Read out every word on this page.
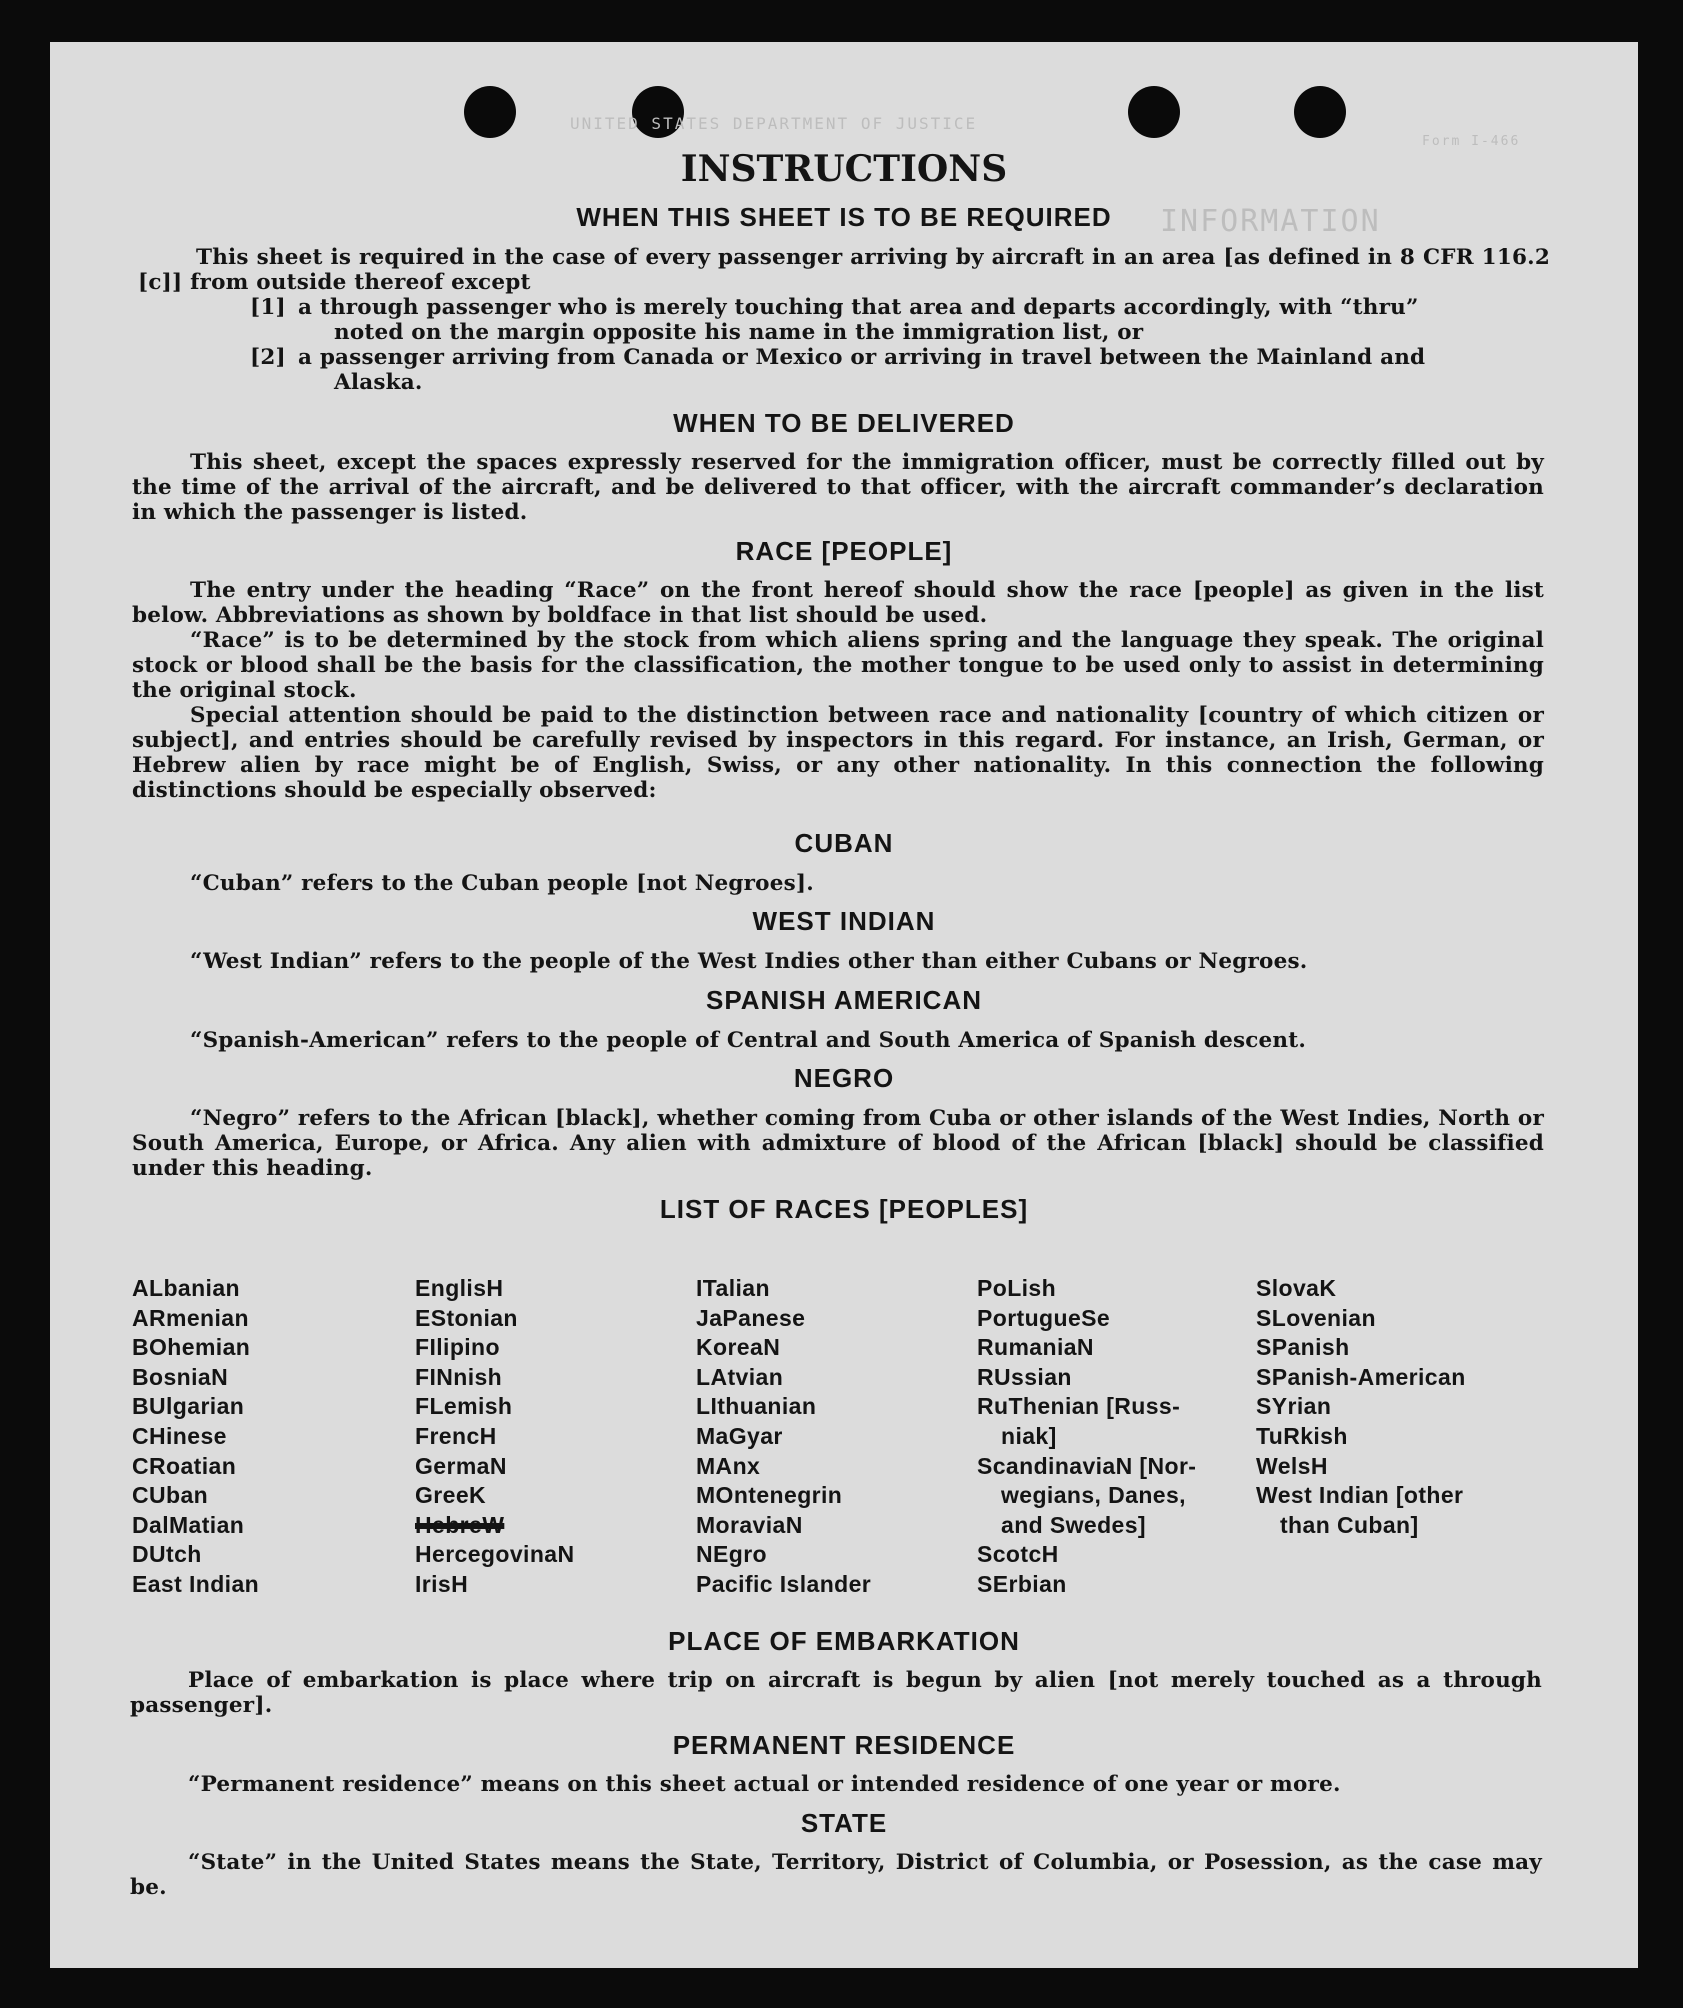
UNITED STATES DEPARTMENT OF JUSTICE
INFORMATION
Form I-466
INSTRUCTIONS
WHEN THIS SHEET IS TO BE REQUIRED

This sheet is required in the case of every passenger arriving by aircraft in an area [as defined in 8 CFR 116.2 [c]] from outside thereof except

[1] a through passenger who is merely touching that area and departs accordingly, with “thru”
noted on the margin opposite his name in the immigration list, or
[2] a passenger arriving from Canada or Mexico or arriving in travel between the Mainland and
Alaska.
WHEN TO BE DELIVERED

This sheet, except the spaces expressly reserved for the immigration officer, must be correctly filled out by the time of the arrival of the aircraft, and be delivered to that officer, with the aircraft commander’s declaration in which the passenger is listed.

RACE [PEOPLE]

The entry under the heading “Race” on the front hereof should show the race [people] as given in the list below. Abbreviations as shown by boldface in that list should be used.

“Race” is to be determined by the stock from which aliens spring and the language they speak. The original stock or blood shall be the basis for the classification, the mother tongue to be used only to assist in determining the original stock.

Special attention should be paid to the distinction between race and nationality [country of which citizen or subject], and entries should be carefully revised by inspectors in this regard. For instance, an Irish, German, or Hebrew alien by race might be of English, Swiss, or any other nationality. In this connection the following distinctions should be especially observed:

CUBAN

“Cuban” refers to the Cuban people [not Negroes].

WEST INDIAN

“West Indian” refers to the people of the West Indies other than either Cubans or Negroes.

SPANISH AMERICAN

“Spanish-American” refers to the people of Central and South America of Spanish descent.

NEGRO

“Negro” refers to the African [black], whether coming from Cuba or other islands of the West Indies, North or South America, Europe, or Africa. Any alien with admixture of blood of the African [black] should be classified under this heading.

LIST OF RACES [PEOPLES]
ALbanian
ARmenian
BOhemian
BosniaN
BUlgarian
CHinese
CRoatian
CUban
DalMatian
DUtch
East Indian
EnglisH
EStonian
FIlipino
FINnish
FLemish
FrencH
GermaN
GreeK
HebreW
HercegovinaN
IrisH
ITalian
JaPanese
KoreaN
LAtvian
LIthuanian
MaGyar
MAnx
MOntenegrin
MoraviaN
NEgro
Pacific Islander
PoLish
PortugueSe
RumaniaN
RUssian
RuThenian [Russ-
niak]
ScandinaviaN [Nor-
wegians, Danes,
and Swedes]
ScotcH
SErbian
SlovaK
SLovenian
SPanish
SPanish-American
SYrian
TuRkish
WelsH
West Indian [other
than Cuban]
PLACE OF EMBARKATION

Place of embarkation is place where trip on aircraft is begun by alien [not merely touched as a through passenger].

PERMANENT RESIDENCE

“Permanent residence” means on this sheet actual or intended residence of one year or more.

STATE

“State” in the United States means the State, Territory, District of Columbia, or Posession, as the case may be.
